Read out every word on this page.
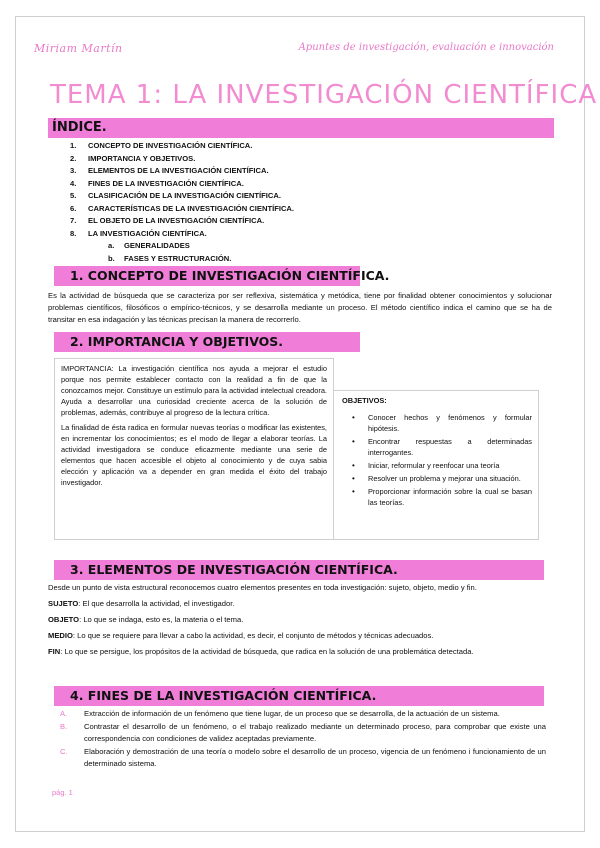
Miriam Martín	Apuntes de investigación, evaluación e innovación
TEMA 1: LA INVESTIGACIÓN CIENTÍFICA
ÍNDICE.
1.	CONCEPTO DE INVESTIGACIÓN CIENTÍFICA.
2.	IMPORTANCIA Y OBJETIVOS.
3.	ELEMENTOS DE LA INVESTIGACIÓN CIENTÍFICA.
4.	FINES DE LA INVESTIGACIÓN CIENTÍFICA.
5.	CLASIFICACIÓN DE LA INVESTIGACIÓN CIENTÍFICA.
6.	CARACTERÍSTICAS DE LA INVESTIGACIÓN CIENTÍFICA.
7.	EL OBJETO DE LA INVESTIGACIÓN CIENTÍFICA.
8.	LA INVESTIGACIÓN CIENTÍFICA.
a.	GENERALIDADES
b.	FASES Y ESTRUCTURACIÓN.
1. CONCEPTO DE INVESTIGACIÓN CIENTÍFICA.
Es la actividad de búsqueda que se caracteriza por ser reflexiva, sistemática y metódica, tiene por finalidad obtener conocimientos y solucionar problemas científicos, filosóficos o empírico-técnicos, y se desarrolla mediante un proceso. El método científico indica el camino que se ha de transitar en esa indagación y las técnicas precisan la manera de recorrerlo.
2. IMPORTANCIA Y OBJETIVOS.

IMPORTANCIA: La investigación científica nos ayuda a mejorar el estudio porque nos permite establecer contacto con la realidad a fin de que la conozcamos mejor. Constituye un estímulo para la actividad intelectual creadora. Ayuda a desarrollar una curiosidad creciente acerca de la solución de problemas, además, contribuye al progreso de la lectura crítica.

La finalidad de ésta radica en formular nuevas teorías o modificar las existentes, en incrementar los conocimientos; es el modo de llegar a elaborar teorías. La actividad investigadora se conduce eficazmente mediante una serie de elementos que hacen accesible el objeto al conocimiento y de cuya sabia elección y aplicación va a depender en gran medida el éxito del trabajo investigador.

OBJETIVOS:
•	Conocer hechos y fenómenos y formular hipótesis.
•	Encontrar respuestas a determinadas interrogantes.
•	Iniciar, reformular y reenfocar una teoría
•	Resolver un problema y mejorar una situación.
•	Proporcionar información sobre la cual se basan las teorías.
3. ELEMENTOS DE INVESTIGACIÓN CIENTÍFICA.
Desde un punto de vista estructural reconocemos cuatro elementos presentes en toda investigación: sujeto, objeto, medio y fin.
SUJETO: El que desarrolla la actividad, el investigador.
OBJETO: Lo que se indaga, esto es, la materia o el tema.
MEDIO: Lo que se requiere para llevar a cabo la actividad, es decir, el conjunto de métodos y técnicas adecuados.
FIN: Lo que se persigue, los propósitos de la actividad de búsqueda, que radica en la solución de una problemática detectada.
4. FINES DE LA INVESTIGACIÓN CIENTÍFICA.
A.	Extracción de información de un fenómeno que tiene lugar, de un proceso que se desarrolla, de la actuación de un sistema.
B.	Contrastar el desarrollo de un fenómeno, o el trabajo realizado mediante un determinado proceso, para comprobar que existe una correspondencia con condiciones de validez aceptadas previamente.
C.	Elaboración y demostración de una teoría o modelo sobre el desarrollo de un proceso, vigencia de un fenómeno i funcionamiento de un determinado sistema.
pág. 1
